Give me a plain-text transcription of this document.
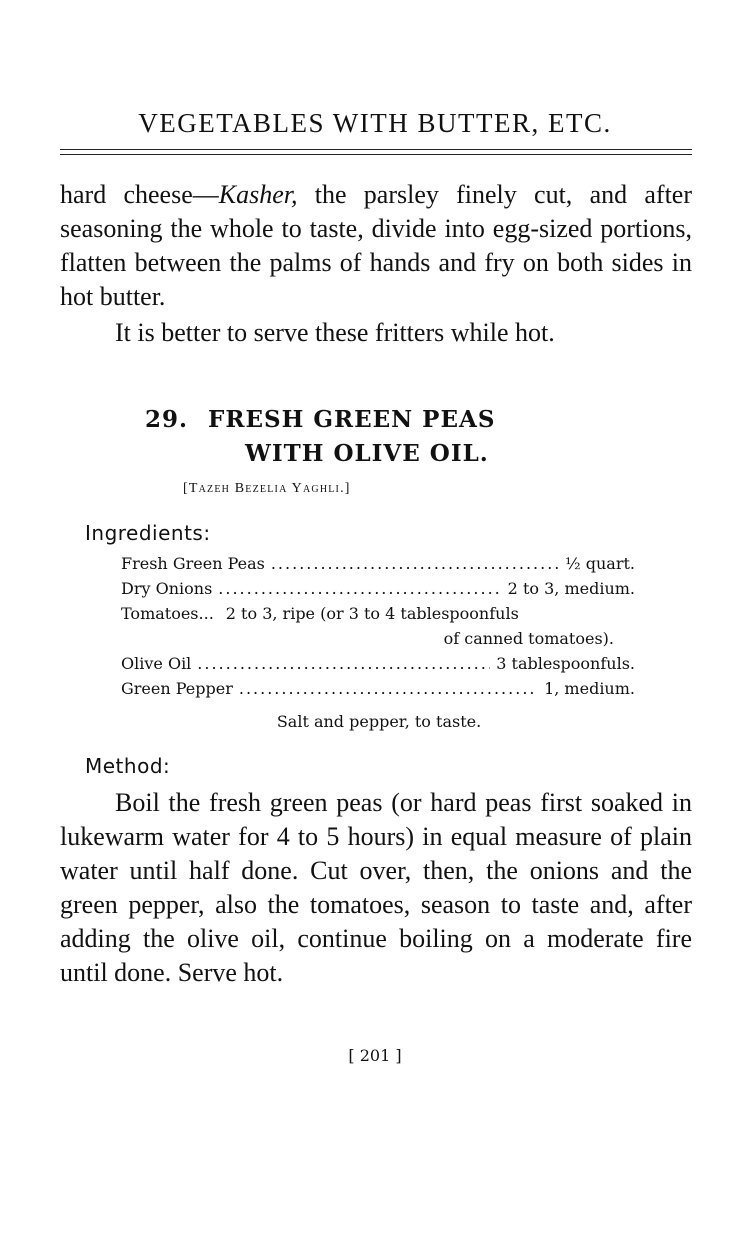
VEGETABLES WITH BUTTER, ETC.

hard cheese—Kasher, the parsley finely cut, and after seasoning the whole to taste, divide into egg-sized portions, flatten between the palms of hands and fry on both sides in hot butter.

It is better to serve these fritters while hot.

29. FRESH GREEN PEAS
WITH OLIVE OIL.
[Tazeh Bezelia Yaghli.]
Ingredients:
Fresh Green Peas .....	½ quart.
Dry Onions .....	2 to 3, medium.
Tomatoes... 2 to 3, ripe (or 3 to 4 tablespoonfuls
of canned tomatoes).
Olive Oil .....	3 tablespoonfuls.
Green Pepper .....	1, medium.
Salt and pepper, to taste.
Method:

Boil the fresh green peas (or hard peas first soaked in lukewarm water for 4 to 5 hours) in equal measure of plain water until half done. Cut over, then, the onions and the green pepper, also the tomatoes, season to taste and, after adding the olive oil, continue boiling on a moderate fire until done. Serve hot.

[ 201 ]
